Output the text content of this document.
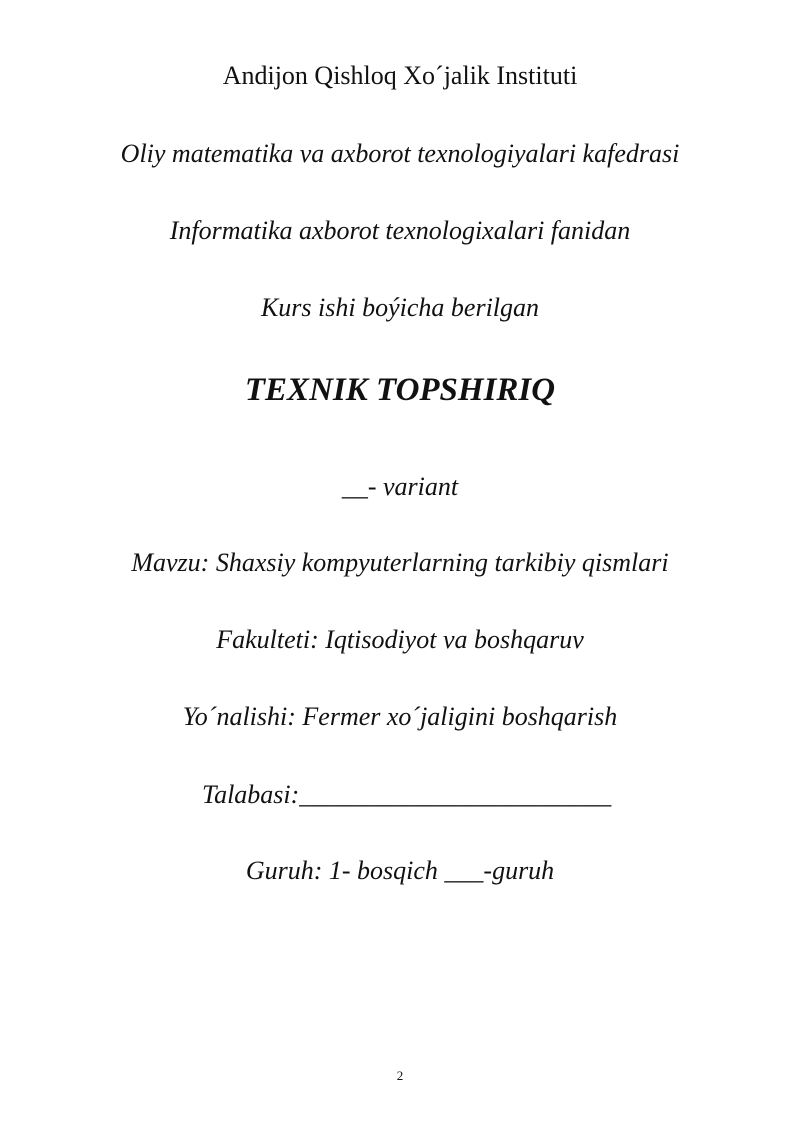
Andijon Qishloq Xo´jalik Instituti
Oliy matematika va axborot texnologiyalari kafedrasi
Informatika axborot texnologixalari fanidan
Kurs ishi boýicha berilgan
TEXNIK TOPSHIRIQ
__- variant
Mavzu: Shaxsiy kompyuterlarning tarkibiy qismlari
Fakulteti: Iqtisodiyot va boshqaruv
Yo´nalishi: Fermer xo´jaligini boshqarish
Talabasi:________________________
Guruh: 1- bosqich ___-guruh
2
